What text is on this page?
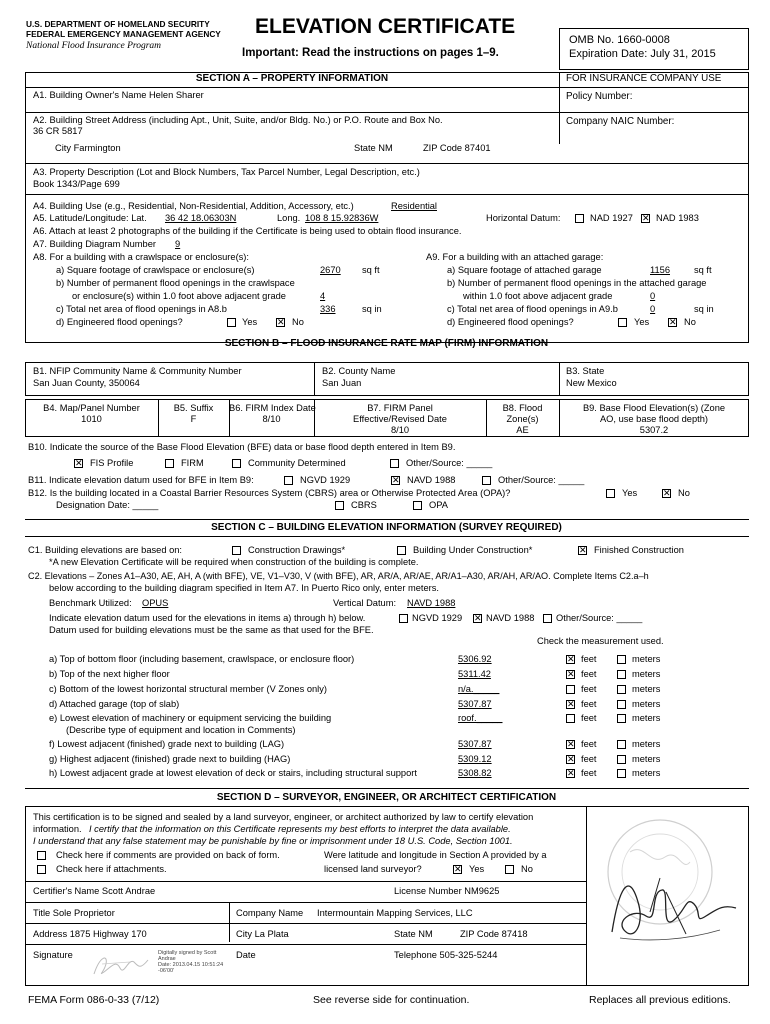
U.S. DEPARTMENT OF HOMELAND SECURITY
FEDERAL EMERGENCY MANAGEMENT AGENCY
National Flood Insurance Program
ELEVATION CERTIFICATE
Important: Read the instructions on pages 1–9.
OMB No. 1660-0008
Expiration Date: July 31, 2015
SECTION A – PROPERTY INFORMATION	FOR INSURANCE COMPANY USE
Policy Number:
Company NAIC Number:
A1. Building Owner's Name Helen Sharer
A2. Building Street Address (including Apt., Unit, Suite, and/or Bldg. No.) or P.O. Route and Box No.
36 CR 5817
City Farmington	State NM	ZIP Code 87401
A3. Property Description (Lot and Block Numbers, Tax Parcel Number, Legal Description, etc.)
Book 1343/Page 699
A4. Building Use (e.g., Residential, Non-Residential, Addition, Accessory, etc.)	Residential
A5. Latitude/Longitude: Lat. 36 42 18.06303N	Long. 108 8 15.92836W	Horizontal Datum:	NAD 1927 ✕ NAD 1983
A6. Attach at least 2 photographs of the building if the Certificate is being used to obtain flood insurance.
A7. Building Diagram Number 9
A8. For a building with a crawlspace or enclosure(s):
a) Square footage of crawlspace or enclosure(s)	2670 sq ft
b) Number of permanent flood openings in the crawlspace
or enclosure(s) within 1.0 foot above adjacent grade	4
c) Total net area of flood openings in A8.b	336	sq in
d) Engineered flood openings?	Yes ✕ No
A9. For a building with an attached garage:
a) Square footage of attached garage	1156	sq ft
b) Number of permanent flood openings in the attached garage
within 1.0 foot above adjacent grade	0
c) Total net area of flood openings in A9.b	0	sq in
d) Engineered flood openings?	Yes ✕ No
SECTION B – FLOOD INSURANCE RATE MAP (FIRM) INFORMATION
B1. NFIP Community Name & Community Number
San Juan County, 350064
B2. County Name
San Juan
B3. State
New Mexico
B4. Map/Panel Number
1010
B5. Suffix
F
B6. FIRM Index Date
8/10
B7. FIRM Panel
Effective/Revised Date
8/10
B8. Flood
Zone(s)
AE
B9. Base Flood Elevation(s) (Zone
AO, use base flood depth)
5307.2
B10. Indicate the source of the Base Flood Elevation (BFE) data or base flood depth entered in Item B9.
✕ FIS Profile	FIRM	Community Determined	Other/Source: _____
B11. Indicate elevation datum used for BFE in Item B9:	NGVD 1929	✕ NAVD 1988	Other/Source: _____
B12. Is the building located in a Coastal Barrier Resources System (CBRS) area or Otherwise Protected Area (OPA)?	Yes	✕ No
Designation Date: _____	CBRS	OPA
SECTION C – BUILDING ELEVATION INFORMATION (SURVEY REQUIRED)
C1. Building elevations are based on:	Construction Drawings*	Building Under Construction*	✕ Finished Construction
*A new Elevation Certificate will be required when construction of the building is complete.
C2. Elevations – Zones A1–A30, AE, AH, A (with BFE), VE, V1–V30, V (with BFE), AR, AR/A, AR/AE, AR/A1–A30, AR/AH, AR/AO. Complete Items C2.a–h
below according to the building diagram specified in Item A7. In Puerto Rico only, enter meters.
Benchmark Utilized: OPUS	Vertical Datum: NAVD 1988
Indicate elevation datum used for the elevations in items a) through h) below.	NGVD 1929 ✕ NAVD 1988 Other/Source: _____
Datum used for building elevations must be the same as that used for the BFE.
Check the measurement used.
a) Top of bottom floor (including basement, crawlspace, or enclosure floor)	5306.92	✕ feet	meters
b) Top of the next higher floor	5311.42	✕ feet	meters
c) Bottom of the lowest horizontal structural member (V Zones only)	n/a._____	feet	meters
d) Attached garage (top of slab)	5307.87	✕ feet	meters
e) Lowest elevation of machinery or equipment servicing the building
(Describe type of equipment and location in Comments)
roof._____	feet	meters
f) Lowest adjacent (finished) grade next to building (LAG)	5307.87	✕ feet	meters
g) Highest adjacent (finished) grade next to building (HAG)	5309.12	✕ feet	meters
h) Lowest adjacent grade at lowest elevation of deck or stairs, including structural support	5308.82	✕ feet	meters
SECTION D – SURVEYOR, ENGINEER, OR ARCHITECT CERTIFICATION
This certification is to be signed and sealed by a land surveyor, engineer, or architect authorized by law to certify elevation
information. I certify that the information on this Certificate represents my best efforts to interpret the data available.
I understand that any false statement may be punishable by fine or imprisonment under 18 U.S. Code, Section 1001.
Check here if comments are provided on back of form.
Check here if attachments.
Were latitude and longitude in Section A provided by a
licensed land surveyor?	✕ Yes	No
Certifier's Name Scott Andrae	License Number NM9625
Title Sole Proprietor	Company Name Intermountain Mapping Services, LLC
Address 1875 Highway 170	City La Plata	State NM	ZIP Code 87418
Signature	Digitally signed by Scott
Andrae
Date: 2013.04.15 10:51:24
-06'00'
Date	Telephone 505-325-5244
FEMA Form 086-0-33 (7/12)	See reverse side for continuation.	Replaces all previous editions.
